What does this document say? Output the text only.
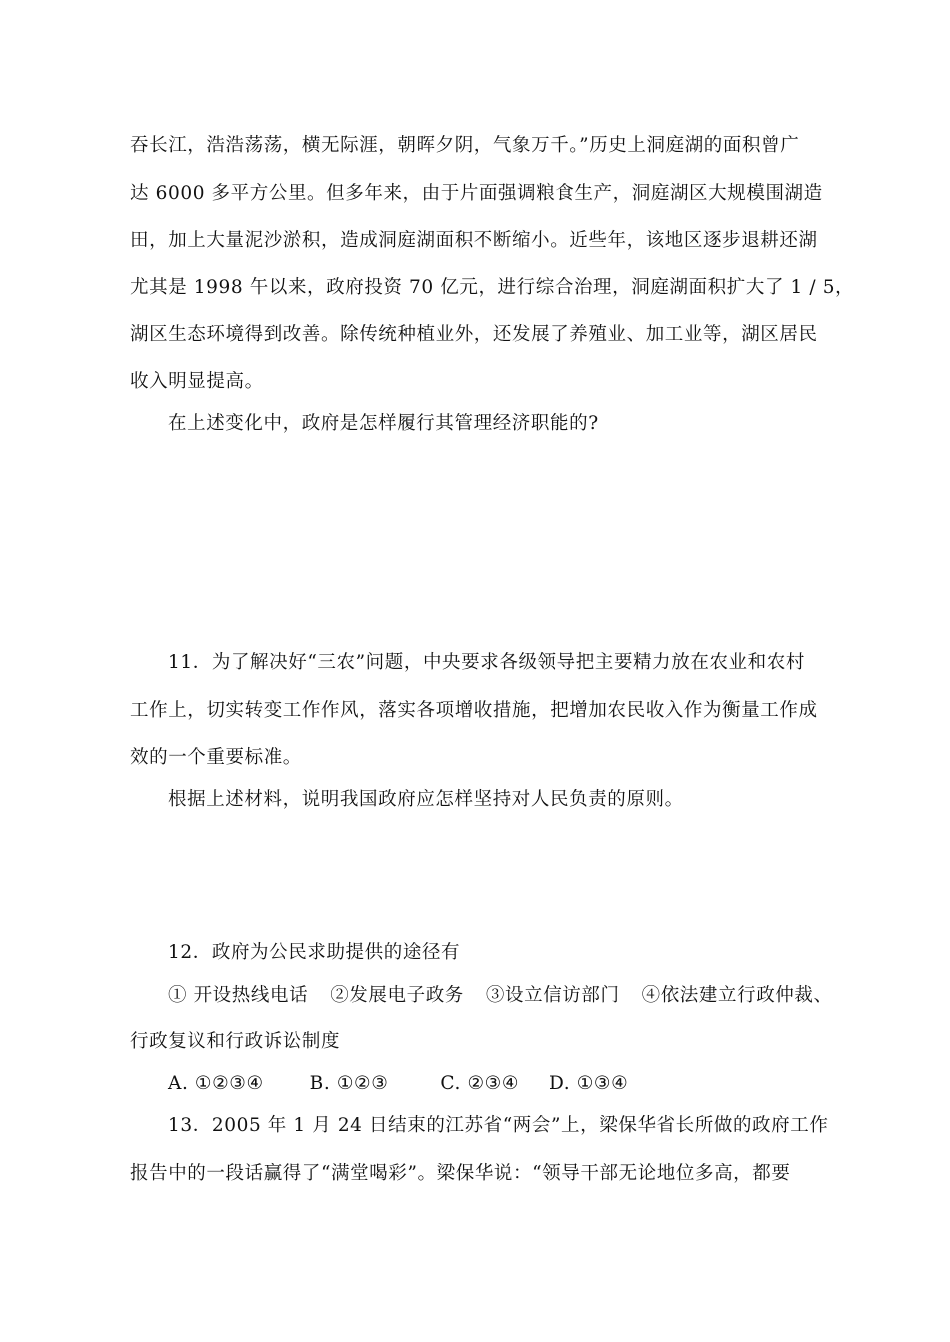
吞长江，浩浩荡荡，横无际涯，朝晖夕阴，气象万千。”历史上洞庭湖的面积曾广
达 6000 多平方公里。但多年来，由于片面强调粮食生产，洞庭湖区大规模围湖造
田，加上大量泥沙淤积，造成洞庭湖面积不断缩小。近些年，该地区逐步退耕还湖
尤其是 1998 午以来，政府投资 70 亿元，进行综合治理，洞庭湖面积扩大了 1 / 5，
湖区生态环境得到改善。除传统种植业外，还发展了养殖业、加工业等，湖区居民
收入明显提高。
在上述变化中，政府是怎样履行其管理经济职能的?
11．为了解决好“三农”问题，中央要求各级领导把主要精力放在农业和农村
工作上，切实转变工作作风，落实各项增收措施，把增加农民收入作为衡量工作成
效的一个重要标准。
根据上述材料，说明我国政府应怎样坚持对人民负责的原则。
12．政府为公民求助提供的途径有
① 开设热线电话 ②发展电子政务 ③设立信访部门 ④依法建立行政仲裁、
行政复议和行政诉讼制度
A. ①②③④ B. ①②③	C. ②③④ D. ①③④
13．2005 年 1 月 24 日结束的江苏省“两会”上，梁保华省长所做的政府工作
报告中的一段话赢得了“满堂喝彩”。梁保华说：“领导干部无论地位多高，都要
